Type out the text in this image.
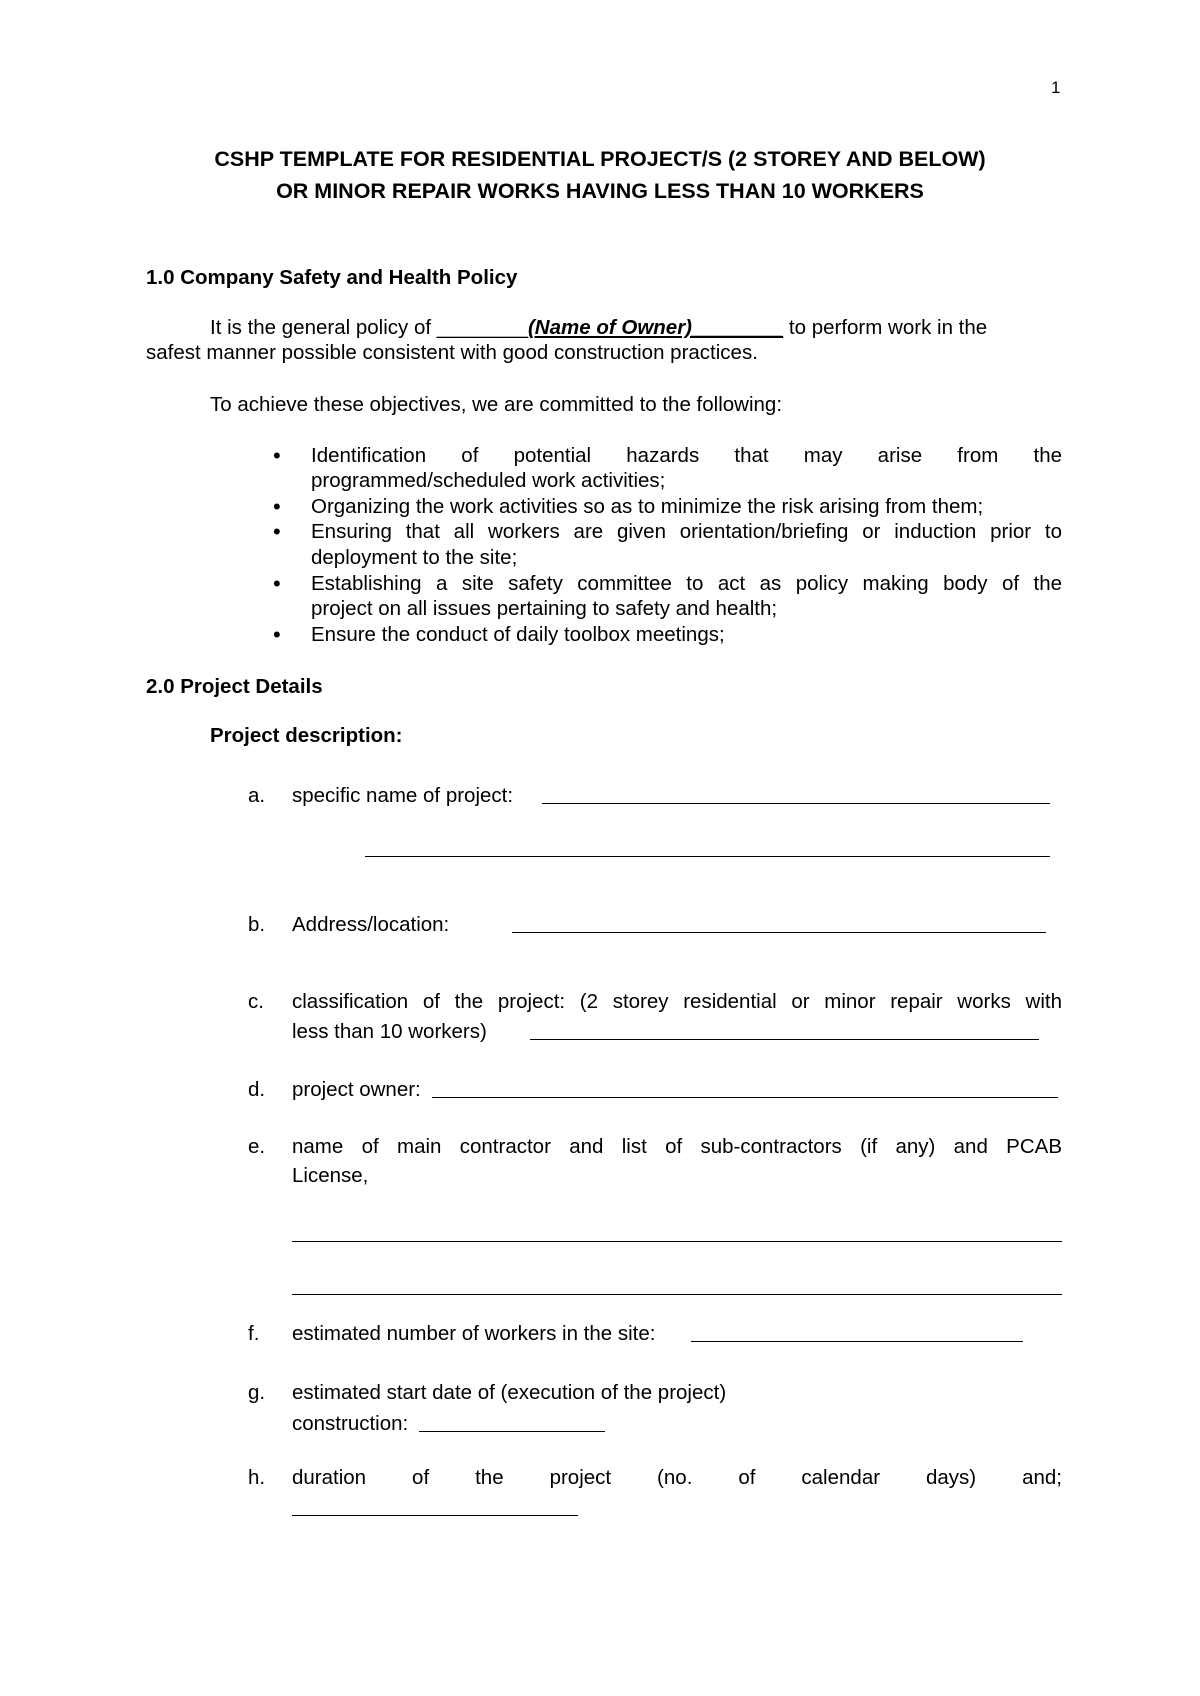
1
CSHP TEMPLATE FOR RESIDENTIAL PROJECT/S (2 STOREY AND BELOW)
OR MINOR REPAIR WORKS HAVING LESS THAN 10 WORKERS
1.0 Company Safety and Health Policy
It is the general policy of ________(Name of Owner)________ to perform work in the
safest manner possible consistent with good construction practices.
To achieve these objectives, we are committed to the following:
• Identification of potential hazards that may arise from the
programmed/scheduled work activities;
• Organizing the work activities so as to minimize the risk arising from them;
• Ensuring that all workers are given orientation/briefing or induction prior to
deployment to the site;
• Establishing a site safety committee to act as policy making body of the
project on all issues pertaining to safety and health;
• Ensure the conduct of daily toolbox meetings;
2.0 Project Details
Project description:
a. specific name of project:
b. Address/location:
c. classification of the project: (2 storey residential or minor repair works with
less than 10 workers)
d. project owner:
e. name of main contractor and list of sub-contractors (if any) and PCAB
License,
f. estimated number of workers in the site:
g. estimated start date of (execution of the project)
construction:
h. duration of the project (no. of calendar days) and;
